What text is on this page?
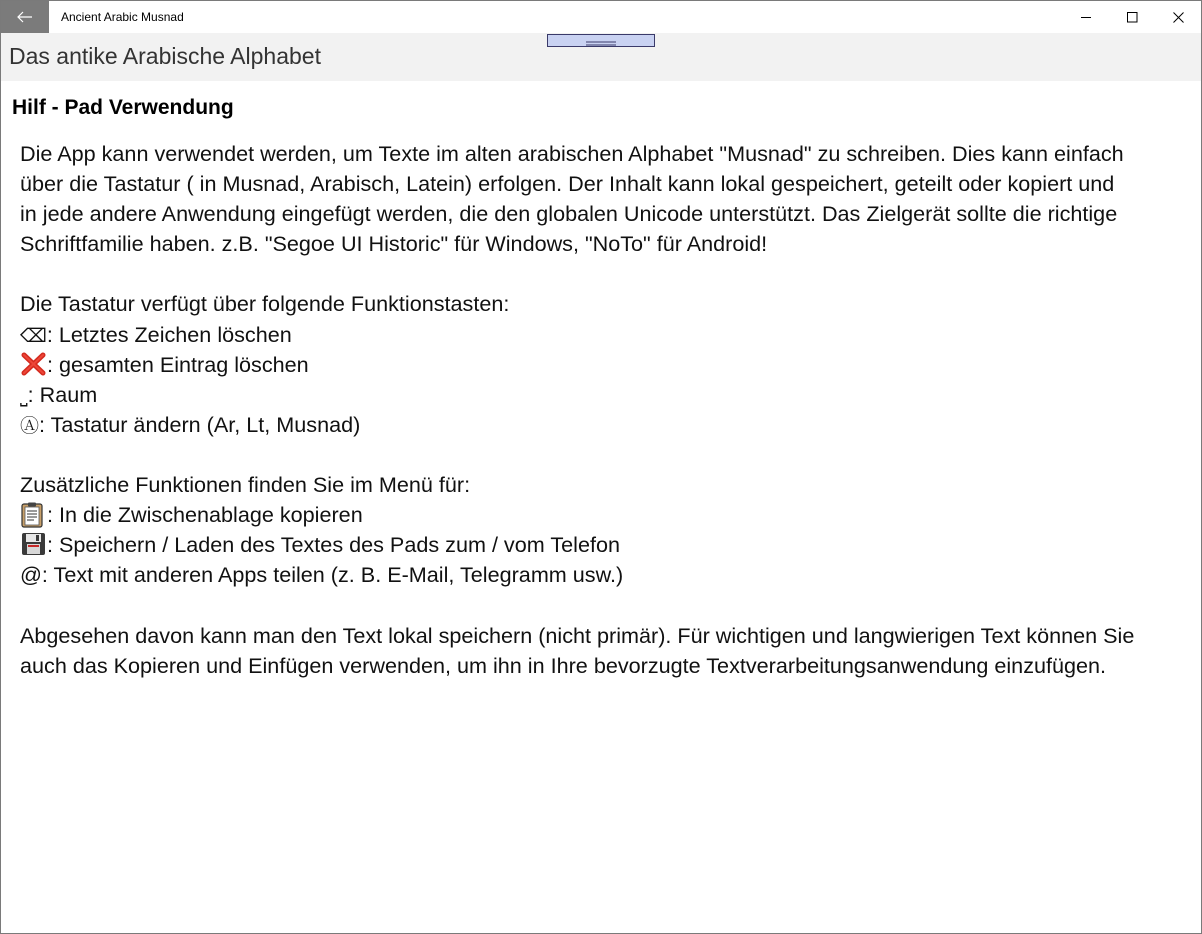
Ancient Arabic Musnad
Das antike Arabische Alphabet
Hilf - Pad Verwendung
Die App kann verwendet werden, um Texte im alten arabischen Alphabet "Musnad" zu schreiben. Dies kann einfach
über die Tastatur ( in Musnad, Arabisch, Latein) erfolgen. Der Inhalt kann lokal gespeichert, geteilt oder kopiert und
in jede andere Anwendung eingefügt werden, die den globalen Unicode unterstützt. Das Zielgerät sollte die richtige
Schriftfamilie haben. z.B. "Segoe UI Historic" für Windows, "NoTo" für Android!
Die Tastatur verfügt über folgende Funktionstasten:
⌫: Letztes Zeichen löschen
: gesamten Eintrag löschen
⎵: Raum
Ⓐ: Tastatur ändern (Ar, Lt, Musnad)
Zusätzliche Funktionen finden Sie im Menü für:
: In die Zwischenablage kopieren
: Speichern / Laden des Textes des Pads zum / vom Telefon
@: Text mit anderen Apps teilen (z. B. E-Mail, Telegramm usw.)
Abgesehen davon kann man den Text lokal speichern (nicht primär). Für wichtigen und langwierigen Text können Sie
auch das Kopieren und Einfügen verwenden, um ihn in Ihre bevorzugte Textverarbeitungsanwendung einzufügen.
